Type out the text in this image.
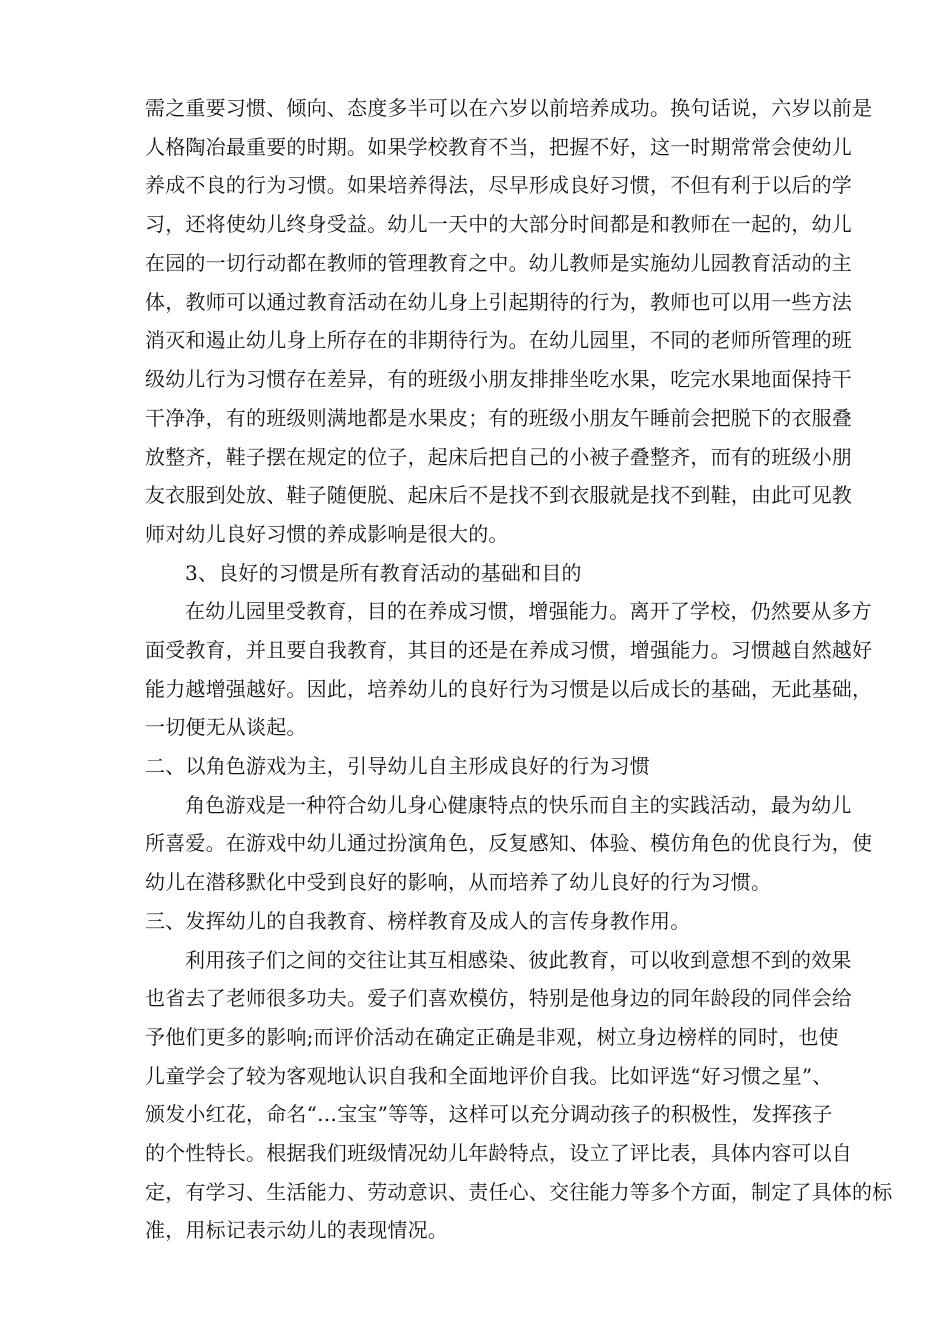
需之重要习惯、倾向、态度多半可以在六岁以前培养成功。换句话说，六岁以前是
人格陶冶最重要的时期。如果学校教育不当，把握不好，这一时期常常会使幼儿
养成不良的行为习惯。如果培养得法，尽早形成良好习惯，不但有利于以后的学
习，还将使幼儿终身受益。幼儿一天中的大部分时间都是和教师在一起的，幼儿
在园的一切行动都在教师的管理教育之中。幼儿教师是实施幼儿园教育活动的主
体，教师可以通过教育活动在幼儿身上引起期待的行为，教师也可以用一些方法
消灭和遏止幼儿身上所存在的非期待行为。在幼儿园里，不同的老师所管理的班
级幼儿行为习惯存在差异，有的班级小朋友排排坐吃水果，吃完水果地面保持干
干净净，有的班级则满地都是水果皮；有的班级小朋友午睡前会把脱下的衣服叠
放整齐，鞋子摆在规定的位子，起床后把自己的小被子叠整齐，而有的班级小朋
友衣服到处放、鞋子随便脱、起床后不是找不到衣服就是找不到鞋，由此可见教
师对幼儿良好习惯的养成影响是很大的。
3、良好的习惯是所有教育活动的基础和目的
在幼儿园里受教育，目的在养成习惯，增强能力。离开了学校，仍然要从多方
面受教育，并且要自我教育，其目的还是在养成习惯，增强能力。习惯越自然越好
能力越增强越好。因此，培养幼儿的良好行为习惯是以后成长的基础，无此基础，
一切便无从谈起。
二、以角色游戏为主，引导幼儿自主形成良好的行为习惯
角色游戏是一种符合幼儿身心健康特点的快乐而自主的实践活动，最为幼儿
所喜爱。在游戏中幼儿通过扮演角色，反复感知、体验、模仿角色的优良行为，使
幼儿在潜移默化中受到良好的影响，从而培养了幼儿良好的行为习惯。
三、发挥幼儿的自我教育、榜样教育及成人的言传身教作用。
利用孩子们之间的交往让其互相感染、彼此教育，可以收到意想不到的效果
也省去了老师很多功夫。爱子们喜欢模仿，特别是他身边的同年龄段的同伴会给
予他们更多的影响;而评价活动在确定正确是非观，树立身边榜样的同时，也使
儿童学会了较为客观地认识自我和全面地评价自我。比如评选“好习惯之星”、
颁发小红花，命名“…宝宝”等等，这样可以充分调动孩子的积极性，发挥孩子
的个性特长。根据我们班级情况幼儿年龄特点，设立了评比表，具体内容可以自
定，有学习、生活能力、劳动意识、责任心、交往能力等多个方面，制定了具体的标
准，用标记表示幼儿的表现情况。
